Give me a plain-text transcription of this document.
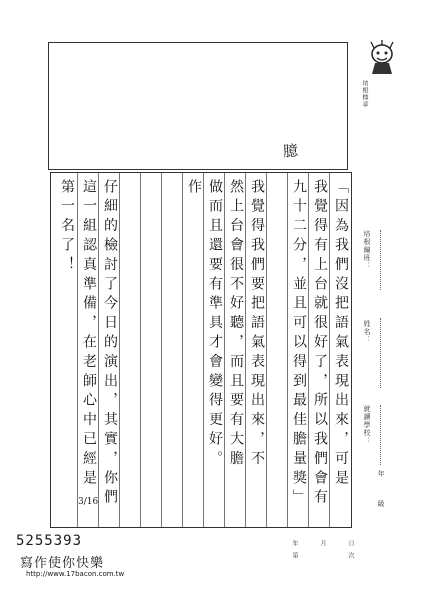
臆
培根標章
「因為我們沒把語氣表現出來，可是
我覺得有上台就很好了，所以我們會有
九十二分，並且可以得到最佳膽量獎」
我覺得我們要把語氣表現出來，不
然上台會很不好聽，而且要有大膽
做而且還要有準具才會變得更好。
作
仔細的檢討了今日的演出，其實，你們
這一組認真準備，在老師心中已經是
第一名了！	培根編班：
姓名：
就讀學校：
年
級
3/16
5255393
寫作使你快樂
http://www.17bacon.com.tw
年
第
月	日
次
